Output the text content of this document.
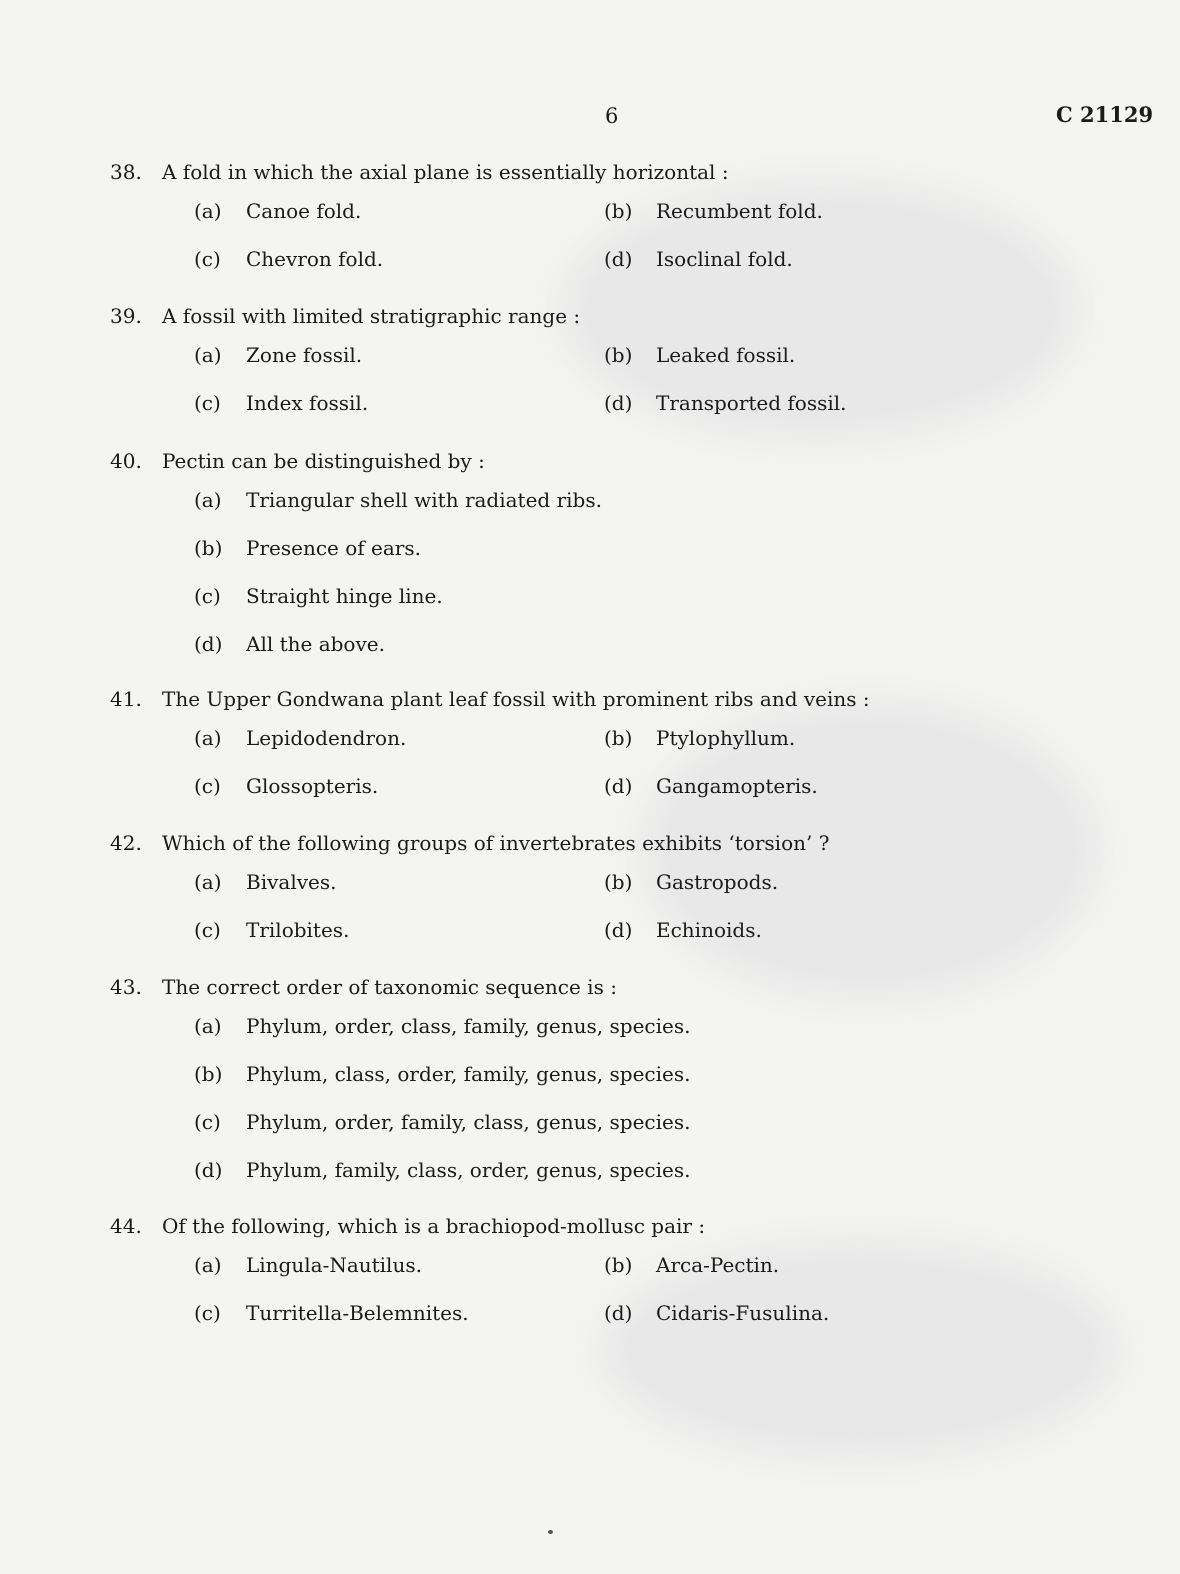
6	C 21129
38. A fold in which the axial plane is essentially horizontal :
(a) Canoe fold.	(b) Recumbent fold.
(c) Chevron fold.	(d) Isoclinal fold.
39. A fossil with limited stratigraphic range :
(a) Zone fossil.	(b) Leaked fossil.
(c) Index fossil.	(d) Transported fossil.
40. Pectin can be distinguished by :
(a) Triangular shell with radiated ribs.
(b) Presence of ears.
(c) Straight hinge line.
(d) All the above.
41. The Upper Gondwana plant leaf fossil with prominent ribs and veins :
(a) Lepidodendron.	(b) Ptylophyllum.
(c) Glossopteris.	(d) Gangamopteris.
42. Which of the following groups of invertebrates exhibits ‘torsion’ ?
(a) Bivalves.	(b) Gastropods.
(c) Trilobites.	(d) Echinoids.
43. The correct order of taxonomic sequence is :
(a) Phylum, order, class, family, genus, species.
(b) Phylum, class, order, family, genus, species.
(c) Phylum, order, family, class, genus, species.
(d) Phylum, family, class, order, genus, species.
44. Of the following, which is a brachiopod-mollusc pair :
(a) Lingula-Nautilus.	(b) Arca-Pectin.
(c) Turritella-Belemnites.	(d) Cidaris-Fusulina.
